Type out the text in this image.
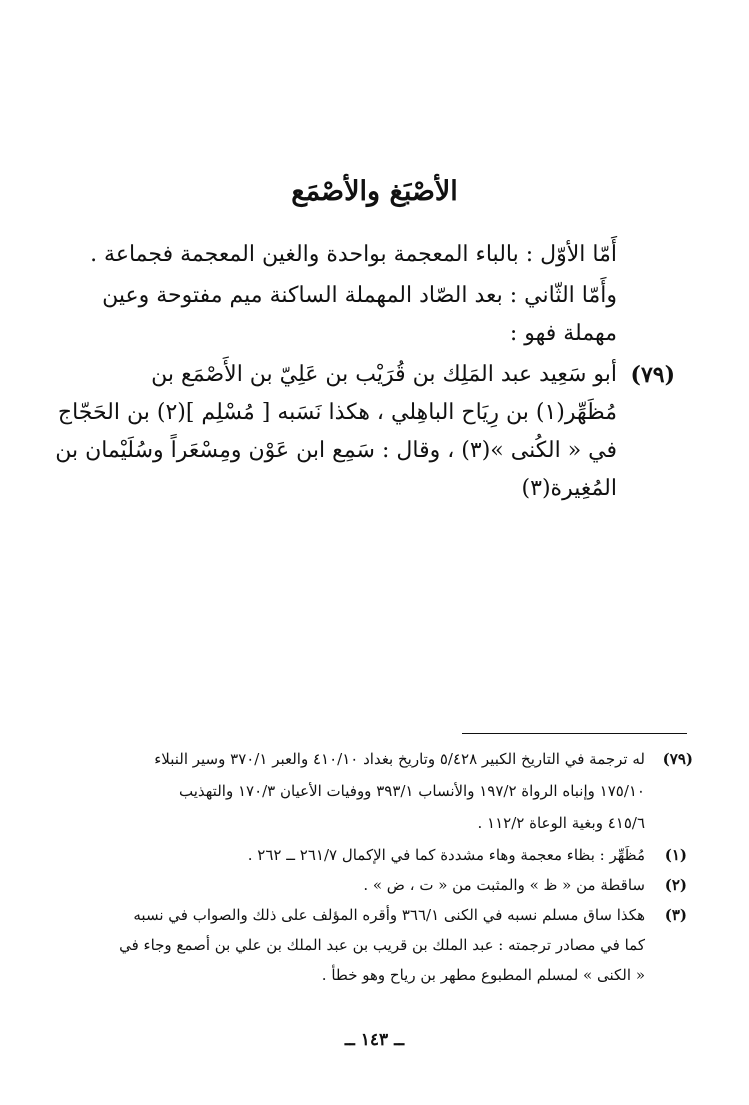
الأصْبَغ والأصْمَع
أَمّا الأوّل : بالباء المعجمة بواحدة والغين المعجمة فجماعة .
وأَمّا الثّاني : بعد الصّاد المهملة الساكنة ميم مفتوحة وعين
مهملة فهو :
(٧٩)
أبو سَعِيد عبد المَلِك بن قُرَيْب بن عَلِيّ بن الأَصْمَع بن
مُظَهِّر(١) بن رِيَاح الباهِلي ، هكذا نَسَبه [ مُسْلِم ](٢) بن الحَجّاج
في « الكُنى »(٣) ، وقال : سَمِع ابن عَوْن ومِسْعَراً وسُلَيْمان بن
المُغِيرة(٣)
(٧٩)
له ترجمة في التاريخ الكبير ٥/٤٢٨ وتاريخ بغداد ٤١٠/١٠ والعبر ٣٧٠/١ وسير النبلاء
١٧٥/١٠ وإنباه الرواة ١٩٧/٢ والأنساب ٣٩٣/١ ووفيات الأعيان ١٧٠/٣ والتهذيب
٤١٥/٦ وبغية الوعاة ١١٢/٢ .
(١)
مُظَهِّر : بظاء معجمة وهاء مشددة كما في الإكمال ٢٦١/٧ ــ ٢٦٢ .
(٢)
ساقطة من « ظ » والمثبت من « ت ، ض » .
(٣)
هكذا ساق مسلم نسبه في الكنى ٣٦٦/١ وأقره المؤلف على ذلك والصواب في نسبه
كما في مصادر ترجمته : عبد الملك بن قريب بن عبد الملك بن علي بن أصمع وجاء في
« الكنى » لمسلم المطبوع مطهر بن رياح وهو خطأ .
ــ ١٤٣ ــ
